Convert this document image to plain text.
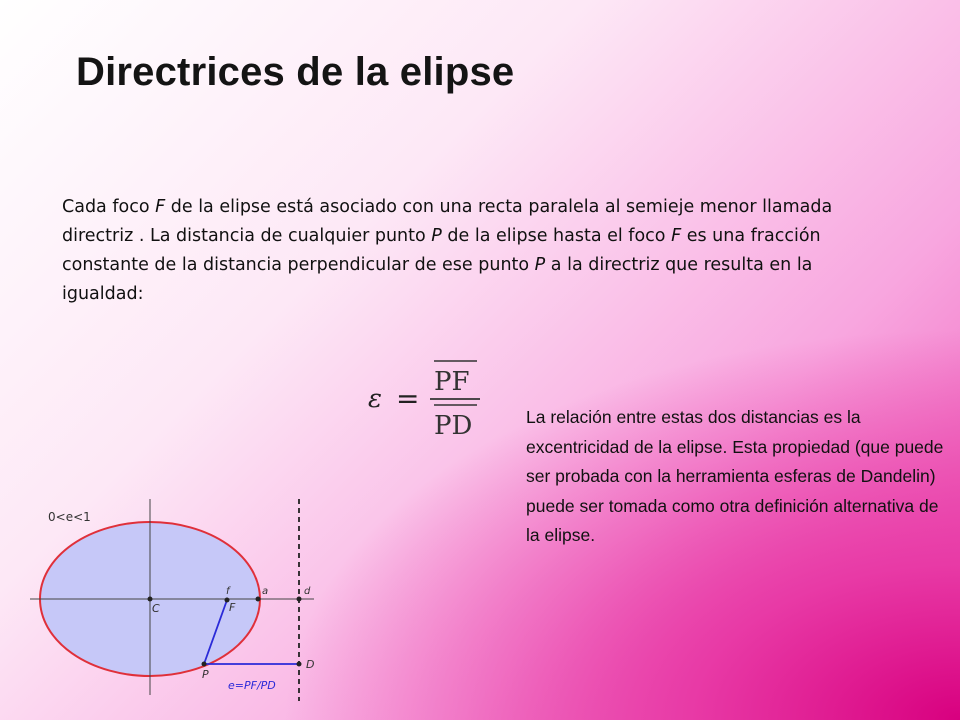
Directrices de la elipse

Cada foco F de la elipse está asociado con una recta paralela al semieje menor llamada directriz . La distancia de cualquier punto P de la elipse hasta el foco F es una fracción constante de la distancia perpendicular de ese punto P a la directriz que resulta en la igualdad:

ε = PF
PD	La relación entre estas dos distancias es la excentricidad de la elipse. Esta propiedad (que puede ser probada con la herramienta esferas de Dandelin) puede ser tomada como otra definición alternativa de la elipse.

0<e<1
C
f	a	d
F
D
P
e=PF/PD
